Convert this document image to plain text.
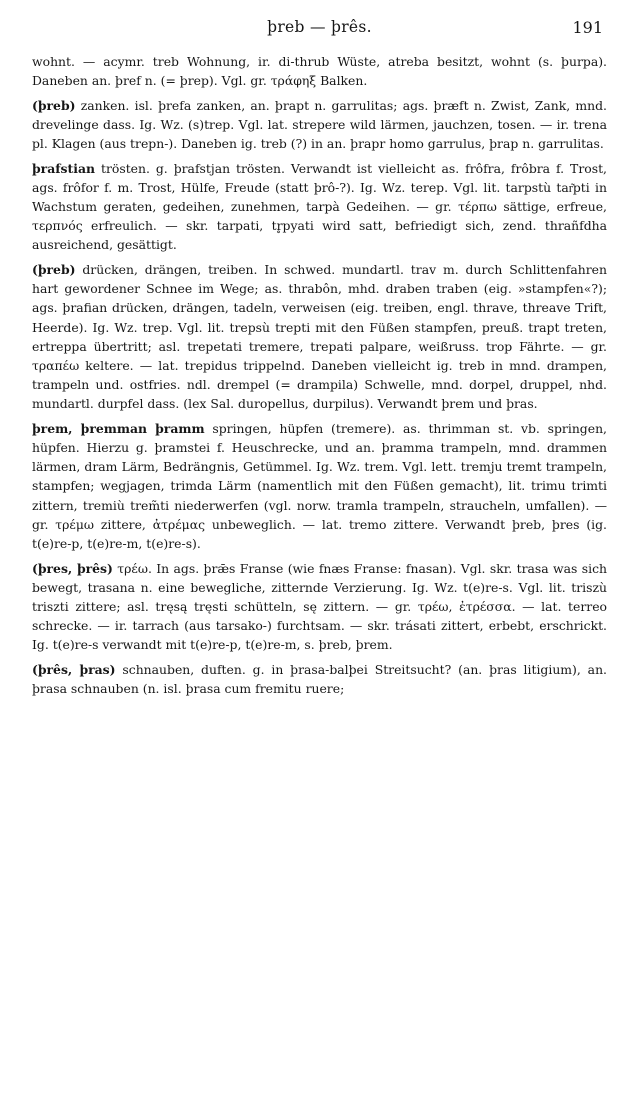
þreb — þrês.	191

wohnt. — acymr. treb Wohnung, ir. di-thrub Wüste, atreba besitzt, wohnt (s. þurpa). Daneben an. þref n. (= þrep). Vgl. gr. τράφηξ Balken.

(þreb) zanken. isl. þrefa zanken, an. þrapt n. garrulitas; ags. þræft n. Zwist, Zank, mnd. drevelinge dass. Ig. Wz. (s)trep. Vgl. lat. strepere wild lärmen, jauchzen, tosen. — ir. trena pl. Klagen (aus trepn-). Daneben ig. treb (?) in an. þrapr homo garrulus, þrap n. garrulitas.

þrafstian trösten. g. þrafstjan trösten. Verwandt ist vielleicht as. frôfra, frôbra f. Trost, ags. frôfor f. m. Trost, Hülfe, Freude (statt þrô-?). Ig. Wz. terep. Vgl. lit. tarpstù tar͂pti in Wachstum geraten, gedeihen, zunehmen, tarpà Gedeihen. — gr. τέρπω sättige, erfreue, τερπνός erfreulich. — skr. tarpati, tr̥pyati wird satt, befriedigt sich, zend. thrañfdha ausreichend, gesättigt.

(þreb) drücken, drängen, treiben. In schwed. mundartl. trav m. durch Schlittenfahren hart gewordener Schnee im Wege; as. thrabôn, mhd. draben traben (eig. »stampfen«?); ags. þrafian drücken, drängen, tadeln, verweisen (eig. treiben, engl. thrave, threave Trift, Heerde). Ig. Wz. trep. Vgl. lit. trepsù trepti mit den Füßen stampfen, preuß. trapt treten, ertreppa übertritt; asl. trepetati tremere, trepati palpare, weißruss. trop Fährte. — gr. τραπέω keltere. — lat. trepidus trippelnd. Daneben vielleicht ig. treb in mnd. drampen, trampeln und. ostfries. ndl. drempel (= drampila) Schwelle, mnd. dorpel, druppel, nhd. mundartl. durpfel dass. (lex Sal. duropellus, durpilus). Verwandt þrem und þras.

þrem, þremman þramm springen, hüpfen (tremere). as. thrimman st. vb. springen, hüpfen. Hierzu g. þramstei f. Heuschrecke, und an. þramma trampeln, mnd. drammen lärmen, dram Lärm, Bedrängnis, Getümmel. Ig. Wz. trem. Vgl. lett. tremju tremt trampeln, stampfen; wegjagen, trimda Lärm (namentlich mit den Füßen gemacht), lit. trimu trimti zittern, tremiù trem̃ti niederwerfen (vgl. norw. tramla trampeln, straucheln, umfallen). — gr. τρέμω zittere, ἀτρέμας unbeweglich. — lat. tremo zittere. Verwandt þreb, þres (ig. t(e)re-p, t(e)re-m, t(e)re-s).

(þres, þrês) τρέω. In ags. þrǣs Franse (wie fnæs Franse: fnasan). Vgl. skr. trasa was sich bewegt, trasana n. eine bewegliche, zitternde Verzierung. Ig. Wz. t(e)re-s. Vgl. lit. triszù triszti zittere; asl. tręsą tręsti schütteln, sę zittern. — gr. τρέω, ἐτρέσσα. — lat. terreo schrecke. — ir. tarrach (aus tarsako-) furchtsam. — skr. trásati zittert, erbebt, erschrickt. Ig. t(e)re-s verwandt mit t(e)re-p, t(e)re-m, s. þreb, þrem.

(þrês, þras) schnauben, duften. g. in þrasa-balþei Streitsucht? (an. þras litigium), an. þrasa schnauben (n. isl. þrasa cum fremitu ruere;
